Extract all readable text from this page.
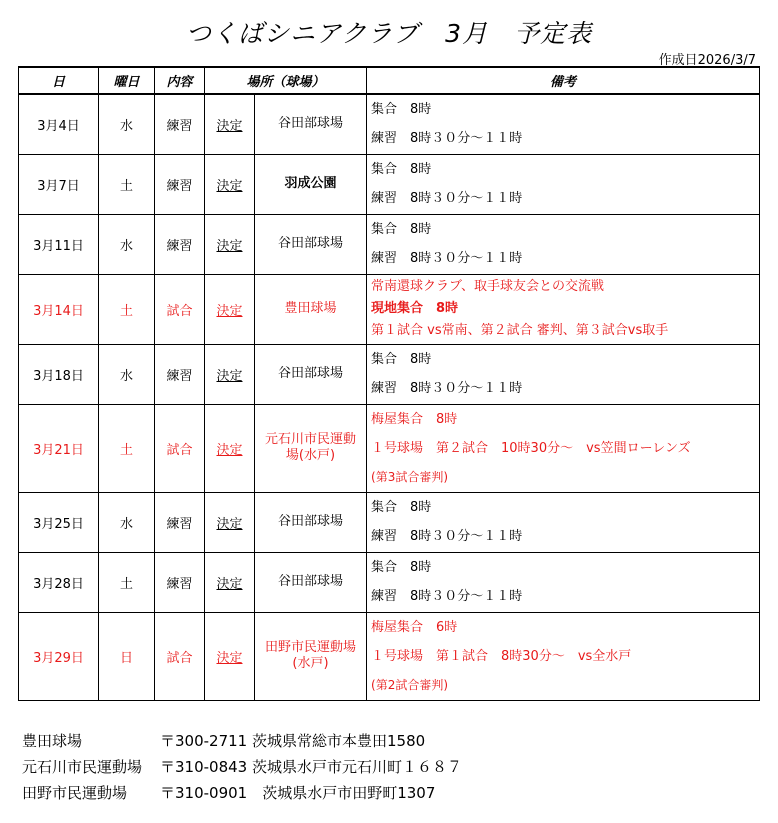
つくばシニアクラブ　3月　予定表
作成日2026/3/7
日	曜日	内容	場所（球場）		備考
3月4日	水	練習	決定	谷田部球場	集合　8時
練習　8時３０分～１１時

3月7日	土	練習	決定	羽成公園	集合　8時
練習　8時３０分～１１時

3月11日	水	練習	決定	谷田部球場	集合　8時
練習　8時３０分～１１時

3月14日	土	試合	決定	豊田球場	常南還球クラブ、取手球友会との交流戦
現地集合　8時
第１試合 vs常南、第２試合 審判、第３試合vs取手

3月18日	水	練習	決定	谷田部球場	集合　8時
練習　8時３０分～１１時

3月21日	土	試合	決定	元石川市民運動場(水戸)	梅屋集合　8時
１号球場　第２試合　10時30分～　vs笠間ローレンズ
(第3試合審判)

3月25日	水	練習	決定	谷田部球場	集合　8時
練習　8時３０分～１１時

3月28日	土	練習	決定	谷田部球場	集合　8時
練習　8時３０分～１１時

3月29日	日	試合	決定	田野市民運動場(水戸)	梅屋集合　6時
１号球場　第１試合　8時30分～　vs全水戸
(第2試合審判)
豊田球場	〒300-2711 茨城県常総市本豊田1580
元石川市民運動場 〒310-0843 茨城県水戸市元石川町１６８７
田野市民運動場 〒310-0901　茨城県水戸市田野町1307
